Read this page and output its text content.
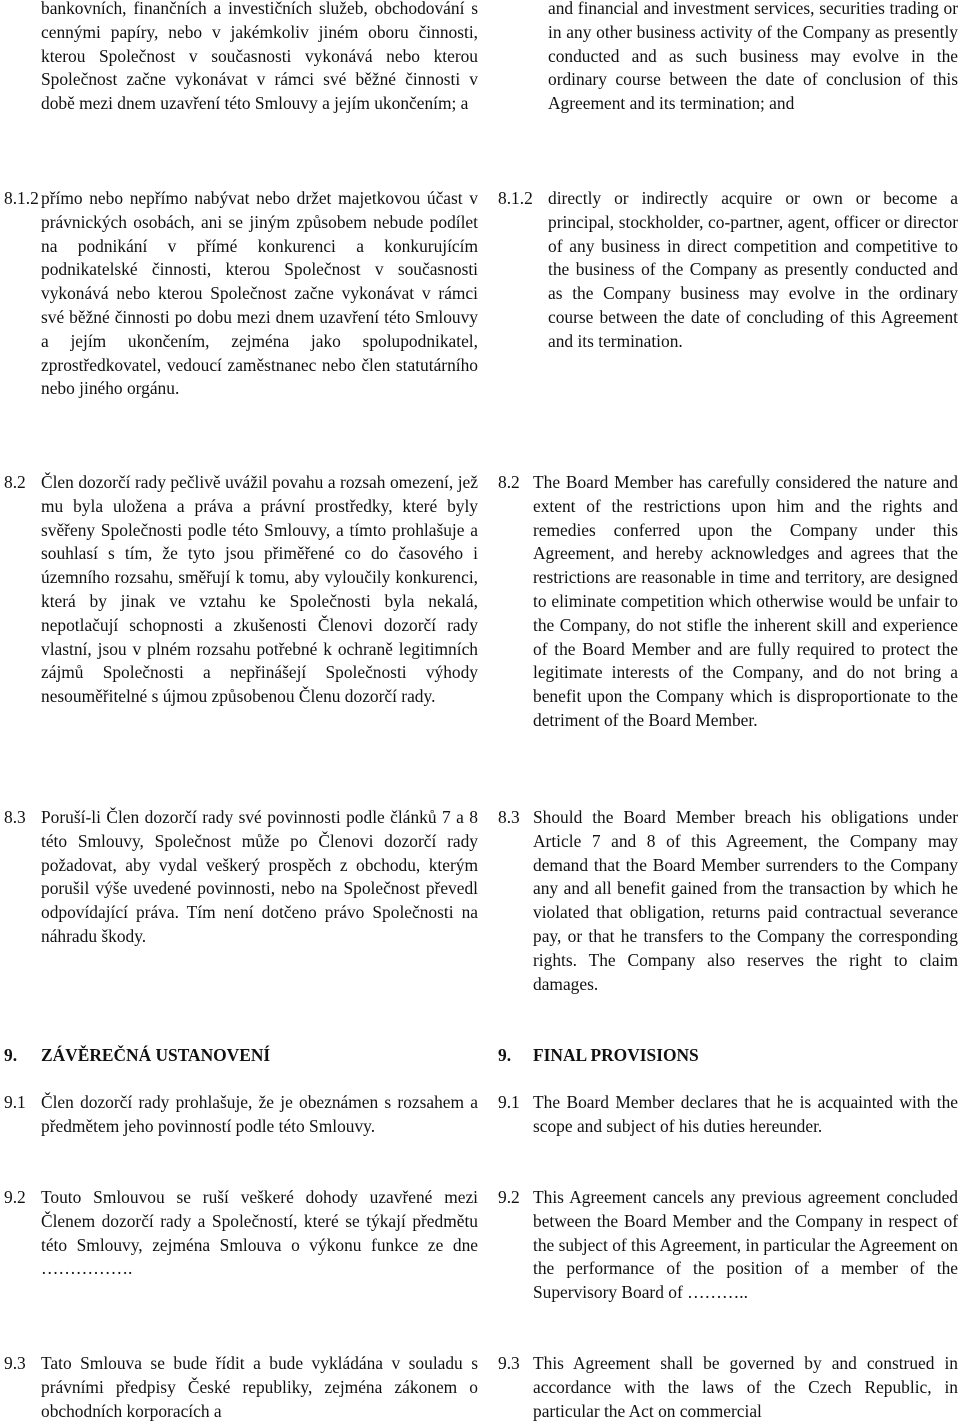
bankovních, finančních a investičních služeb, obchodování s cennými papíry, nebo v jakémkoliv jiném oboru činnosti, kterou Společnost v současnosti vykonává nebo kterou Společnost začne vykonávat v rámci své běžné činnosti v době mezi dnem uzavření této Smlouvy a jejím ukončením; a
8.1.2 přímo nebo nepřímo nabývat nebo držet majetkovou účast v právnických osobách, ani se jiným způsobem nebude podílet na podnikání v přímé konkurenci a konkurujícím podnikatelské činnosti, kterou Společnost v současnosti vykonává nebo kterou Společnost začne vykonávat v rámci své běžné činnosti po dobu mezi dnem uzavření této Smlouvy a jejím ukončením, zejména jako spolupodnikatel, zprostředkovatel, vedoucí zaměstnanec nebo člen statutárního nebo jiného orgánu.
8.2 Člen dozorčí rady pečlivě uvážil povahu a rozsah omezení, jež mu byla uložena a práva a právní prostředky, které byly svěřeny Společnosti podle této Smlouvy, a tímto prohlašuje a souhlasí s tím, že tyto jsou přiměřené co do časového i územního rozsahu, směřují k tomu, aby vyloučily konkurenci, která by jinak ve vztahu ke Společnosti byla nekalá, nepotlačují schopnosti a zkušenosti Členovi dozorčí rady vlastní, jsou v plném rozsahu potřebné k ochraně legitimních zájmů Společnosti a nepřinášejí Společnosti výhody nesouměřitelné s újmou způsobenou Členu dozorčí rady.
8.3 Poruší-li Člen dozorčí rady své povinnosti podle článků 7 a 8 této Smlouvy, Společnost může po Členovi dozorčí rady požadovat, aby vydal veškerý prospěch z obchodu, kterým porušil výše uvedené povinnosti, nebo na Společnost převedl odpovídající práva. Tím není dotčeno právo Společnosti na náhradu škody.
9.	ZÁVĚREČNÁ USTANOVENÍ
9.1 Člen dozorčí rady prohlašuje, že je obeznámen s rozsahem a předmětem jeho povinností podle této Smlouvy.
9.2 Touto Smlouvou se ruší veškeré dohody uzavřené mezi Členem dozorčí rady a Společností, které se týkají předmětu této Smlouvy, zejména Smlouva o výkonu funkce ze dne …………….
9.3 Tato Smlouva se bude řídit a bude vykládána v souladu s právními předpisy České republiky, zejména zákonem o obchodních korporacích a
and financial and investment services, securities trading or in any other business activity of the Company as presently conducted and as such business may evolve in the ordinary course between the date of conclusion of this Agreement and its termination; and
8.1.2 directly or indirectly acquire or own or become a principal, stockholder, co-partner, agent, officer or director of any business in direct competition and competitive to the business of the Company as presently conducted and as the Company business may evolve in the ordinary course between the date of concluding of this Agreement and its termination.
8.2 The Board Member has carefully considered the nature and extent of the restrictions upon him and the rights and remedies conferred upon the Company under this Agreement, and hereby acknowledges and agrees that the restrictions are reasonable in time and territory, are designed to eliminate competition which otherwise would be unfair to the Company, do not stifle the inherent skill and experience of the Board Member and are fully required to protect the legitimate interests of the Company, and do not bring a benefit upon the Company which is disproportionate to the detriment of the Board Member.
8.3 Should the Board Member breach his obligations under Article 7 and 8 of this Agreement, the Company may demand that the Board Member surrenders to the Company any and all benefit gained from the transaction by which he violated that obligation, returns paid contractual severance pay, or that he transfers to the Company the corresponding rights. The Company also reserves the right to claim damages.
9.	FINAL PROVISIONS
9.1 The Board Member declares that he is acquainted with the scope and subject of his duties hereunder.
9.2 This Agreement cancels any previous agreement concluded between the Board Member and the Company in respect of the subject of this Agreement, in particular the Agreement on the performance of the position of a member of the Supervisory Board of ………..
9.3 This Agreement shall be governed by and construed in accordance with the laws of the Czech Republic, in particular the Act on commercial
